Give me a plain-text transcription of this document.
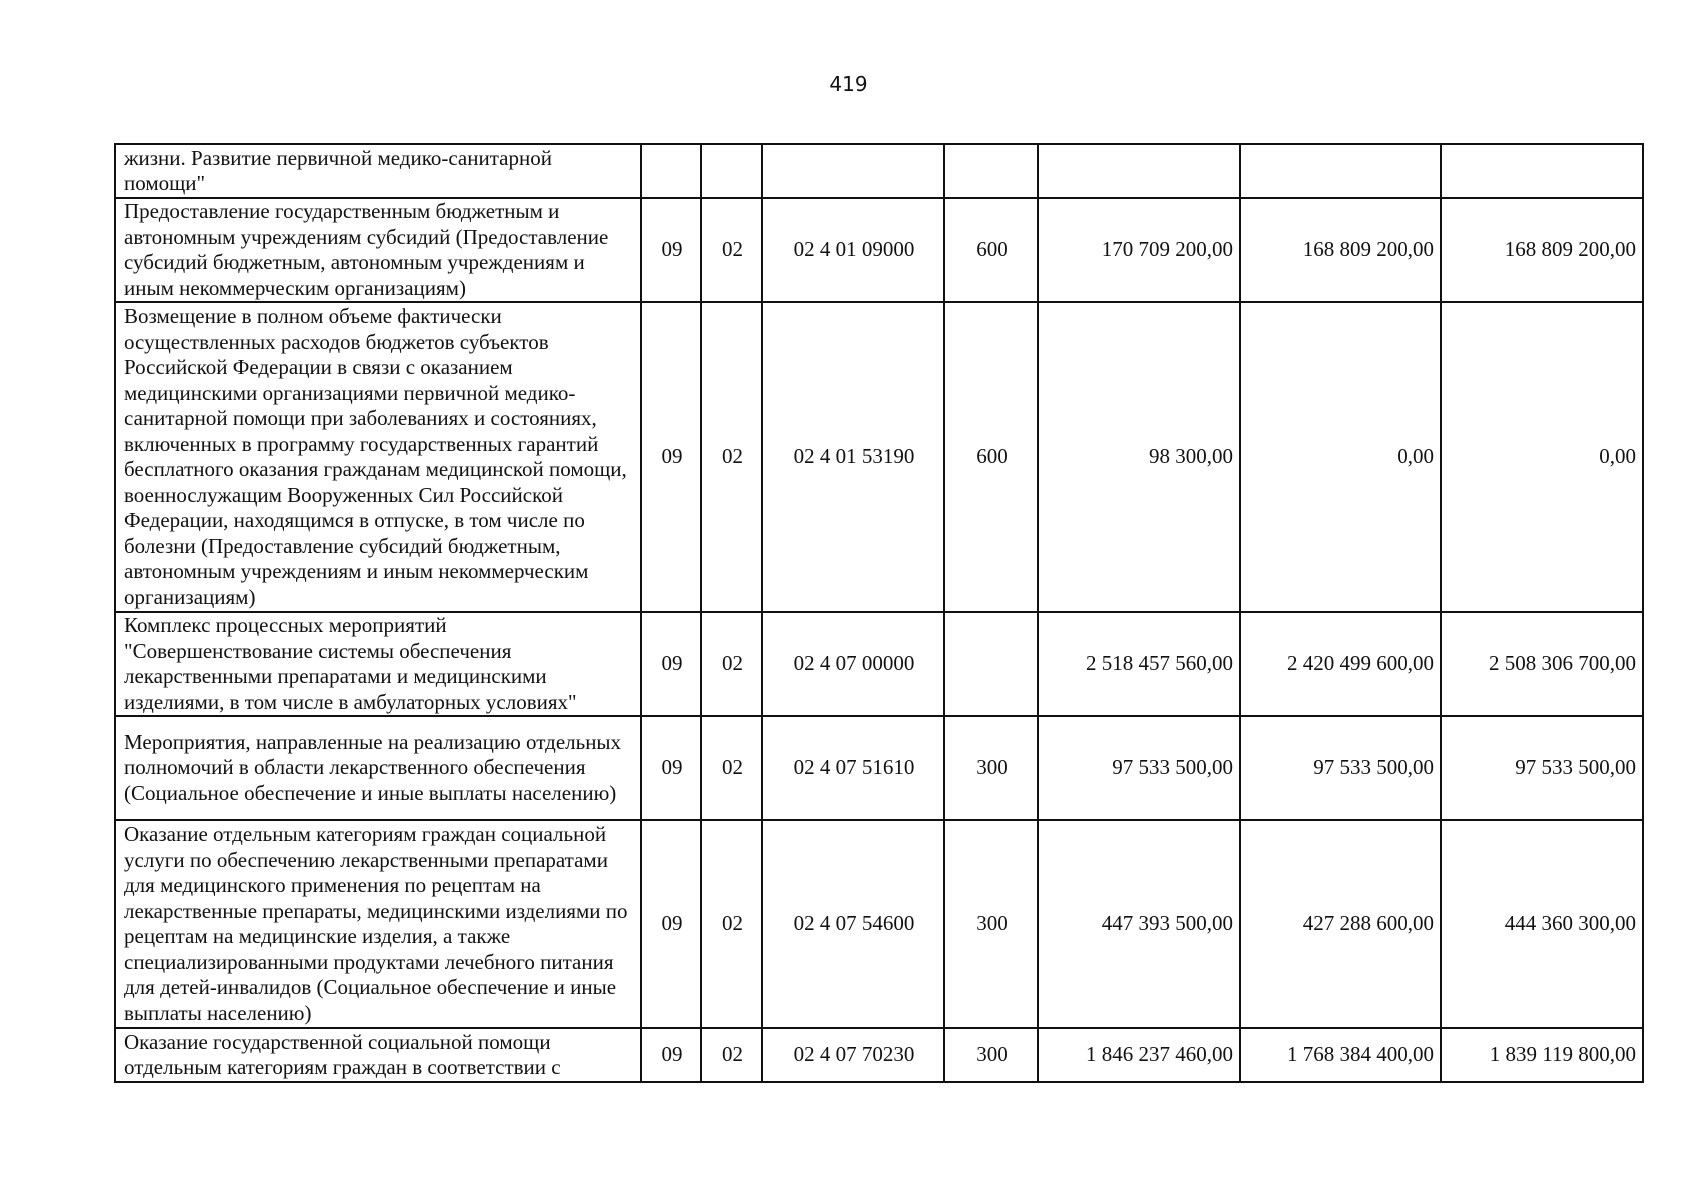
419
жизни. Развитие первичной медико-санитарной помощи"							
Предоставление государственным бюджетным и автономным учреждениям субсидий (Предоставление субсидий бюджетным, автономным учреждениям и иным некоммерческим организациям)	09	02	02 4 01 09000	600	170 709 200,00	168 809 200,00	168 809 200,00
Возмещение в полном объеме фактически осуществленных расходов бюджетов субъектов Российской Федерации в связи с оказанием медицинскими организациями первичной медико-санитарной помощи при заболеваниях и состояниях, включенных в программу государственных гарантий бесплатного оказания гражданам медицинской помощи, военнослужащим Вооруженных Сил Российской Федерации, находящимся в отпуске, в том числе по болезни (Предоставление субсидий бюджетным, автономным учреждениям и иным некоммерческим организациям)	09	02	02 4 01 53190	600	98 300,00	0,00	0,00
Комплекс процессных мероприятий "Совершенствование системы обеспечения лекарственными препаратами и медицинскими изделиями, в том числе в амбулаторных условиях"	09	02	02 4 07 00000		2 518 457 560,00	2 420 499 600,00	2 508 306 700,00
Мероприятия, направленные на реализацию отдельных полномочий в области лекарственного обеспечения (Социальное обеспечение и иные выплаты населению)	09	02	02 4 07 51610	300	97 533 500,00	97 533 500,00	97 533 500,00
Оказание отдельным категориям граждан социальной услуги по обеспечению лекарственными препаратами для медицинского применения по рецептам на лекарственные препараты, медицинскими изделиями по рецептам на медицинские изделия, а также специализированными продуктами лечебного питания для детей-инвалидов (Социальное обеспечение и иные выплаты населению)	09	02	02 4 07 54600	300	447 393 500,00	427 288 600,00	444 360 300,00
Оказание государственной социальной помощи отдельным категориям граждан в соответствии с	09	02	02 4 07 70230	300	1 846 237 460,00	1 768 384 400,00	1 839 119 800,00
